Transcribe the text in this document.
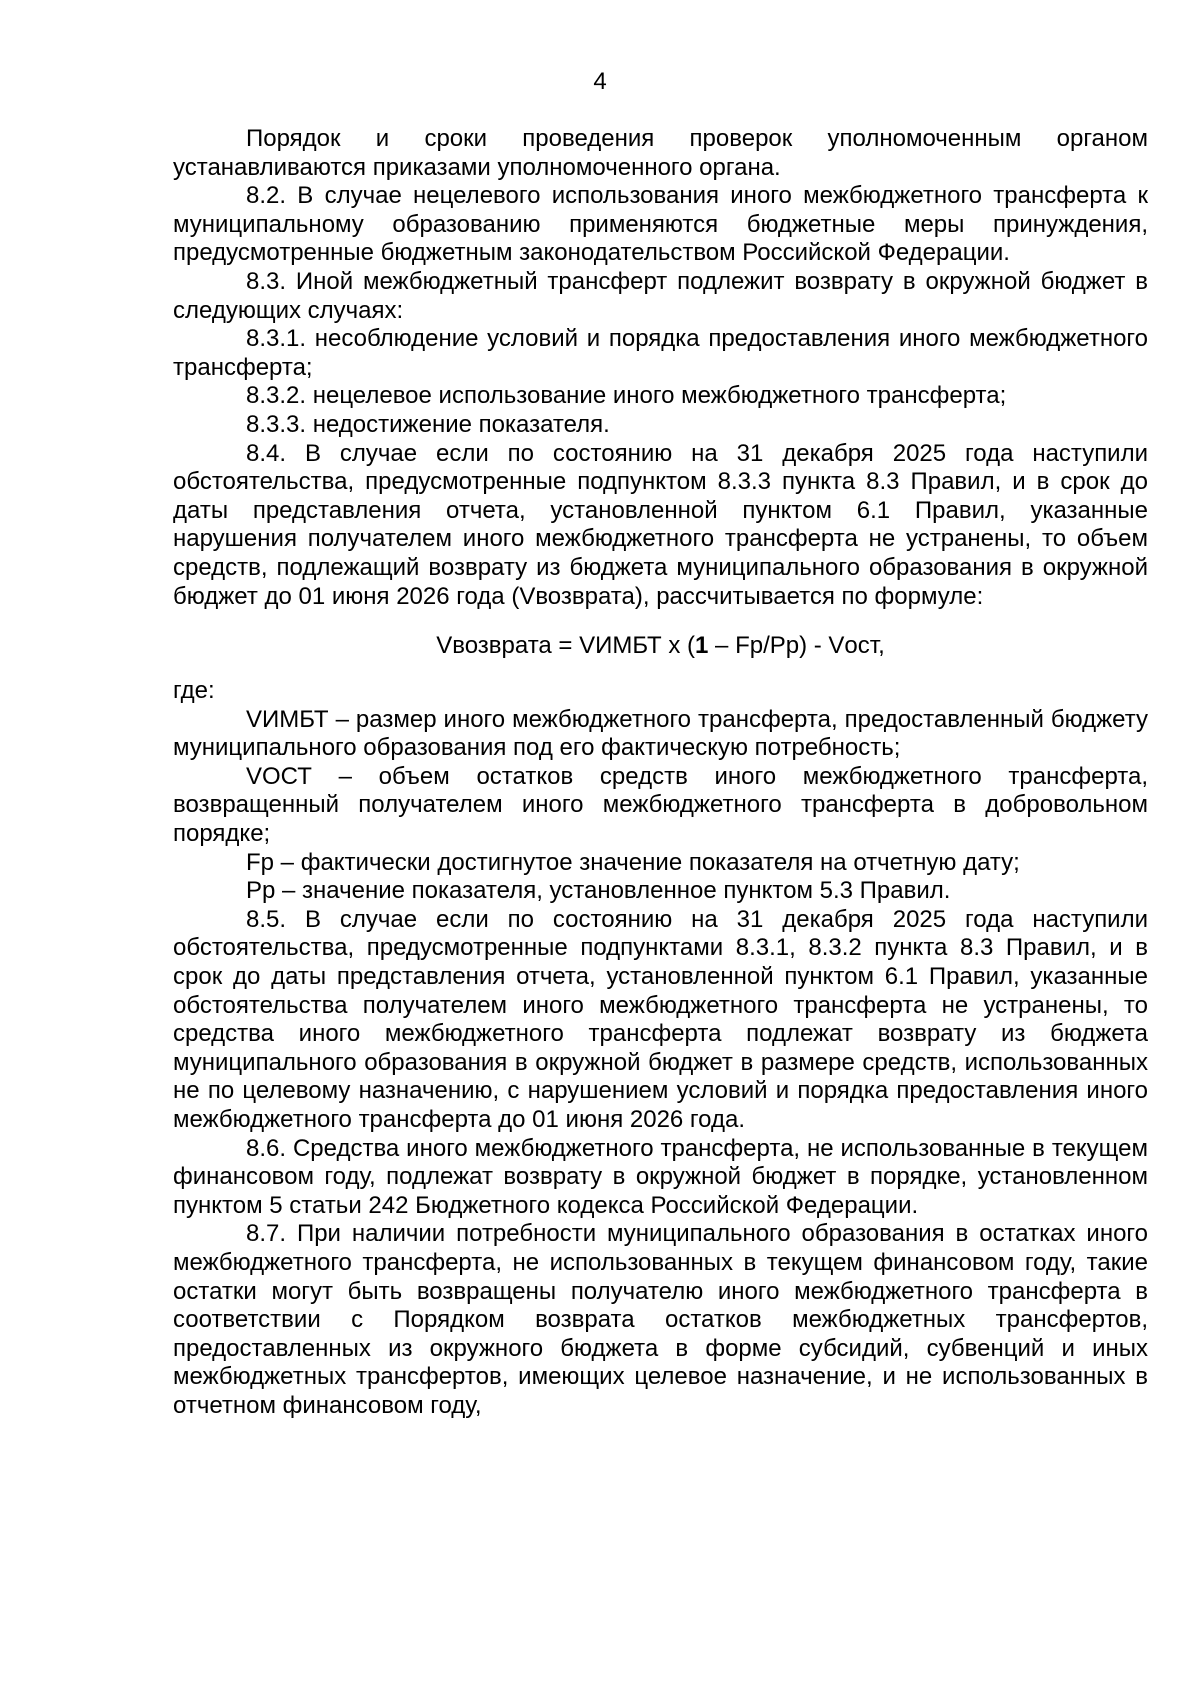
4

Порядок и сроки проведения проверок уполномоченным органом устанавливаются приказами уполномоченного органа.

8.2. В случае нецелевого использования иного межбюджетного трансферта к муниципальному образованию применяются бюджетные меры принуждения, предусмотренные бюджетным законодательством Российской Федерации.

8.3. Иной межбюджетный трансферт подлежит возврату в окружной бюджет в следующих случаях:

8.3.1. несоблюдение условий и порядка предоставления иного межбюджетного трансферта;

8.3.2. нецелевое использование иного межбюджетного трансферта;

8.3.3. недостижение показателя.

8.4. В случае если по состоянию на 31 декабря 2025 года наступили обстоятельства, предусмотренные подпунктом 8.3.3 пункта 8.3 Правил, и в срок до даты представления отчета, установленной пунктом 6.1 Правил, указанные нарушения получателем иного межбюджетного трансферта не устранены, то объем средств, подлежащий возврату из бюджета муниципального образования в окружной бюджет до 01 июня 2026 года (Vвозврата), рассчитывается по формуле:

Vвозврата = VИМБТ х (1 – Fp/Pp) - Vост,

где:

VИМБТ – размер иного межбюджетного трансферта, предоставленный бюджету муниципального образования под его фактическую потребность;

VОСТ – объем остатков средств иного межбюджетного трансферта, возвращенный получателем иного межбюджетного трансферта в добровольном порядке;

Fp – фактически достигнутое значение показателя на отчетную дату;

Pp – значение показателя, установленное пунктом 5.3 Правил.

8.5. В случае если по состоянию на 31 декабря 2025 года наступили обстоятельства, предусмотренные подпунктами 8.3.1, 8.3.2 пункта 8.3 Правил, и в срок до даты представления отчета, установленной пунктом 6.1 Правил, указанные обстоятельства получателем иного межбюджетного трансферта не устранены, то средства иного межбюджетного трансферта подлежат возврату из бюджета муниципального образования в окружной бюджет в размере средств, использованных не по целевому назначению, с нарушением условий и порядка предоставления иного межбюджетного трансферта до 01 июня 2026 года.

8.6. Средства иного межбюджетного трансферта, не использованные в текущем финансовом году, подлежат возврату в окружной бюджет в порядке, установленном пунктом 5 статьи 242 Бюджетного кодекса Российской Федерации.

8.7. При наличии потребности муниципального образования в остатках иного межбюджетного трансферта, не использованных в текущем финансовом году, такие остатки могут быть возвращены получателю иного межбюджетного трансферта в соответствии с Порядком возврата остатков межбюджетных трансфертов, предоставленных из окружного бюджета в форме субсидий, субвенций и иных межбюджетных трансфертов, имеющих целевое назначение, и не использованных в отчетном финансовом году,
